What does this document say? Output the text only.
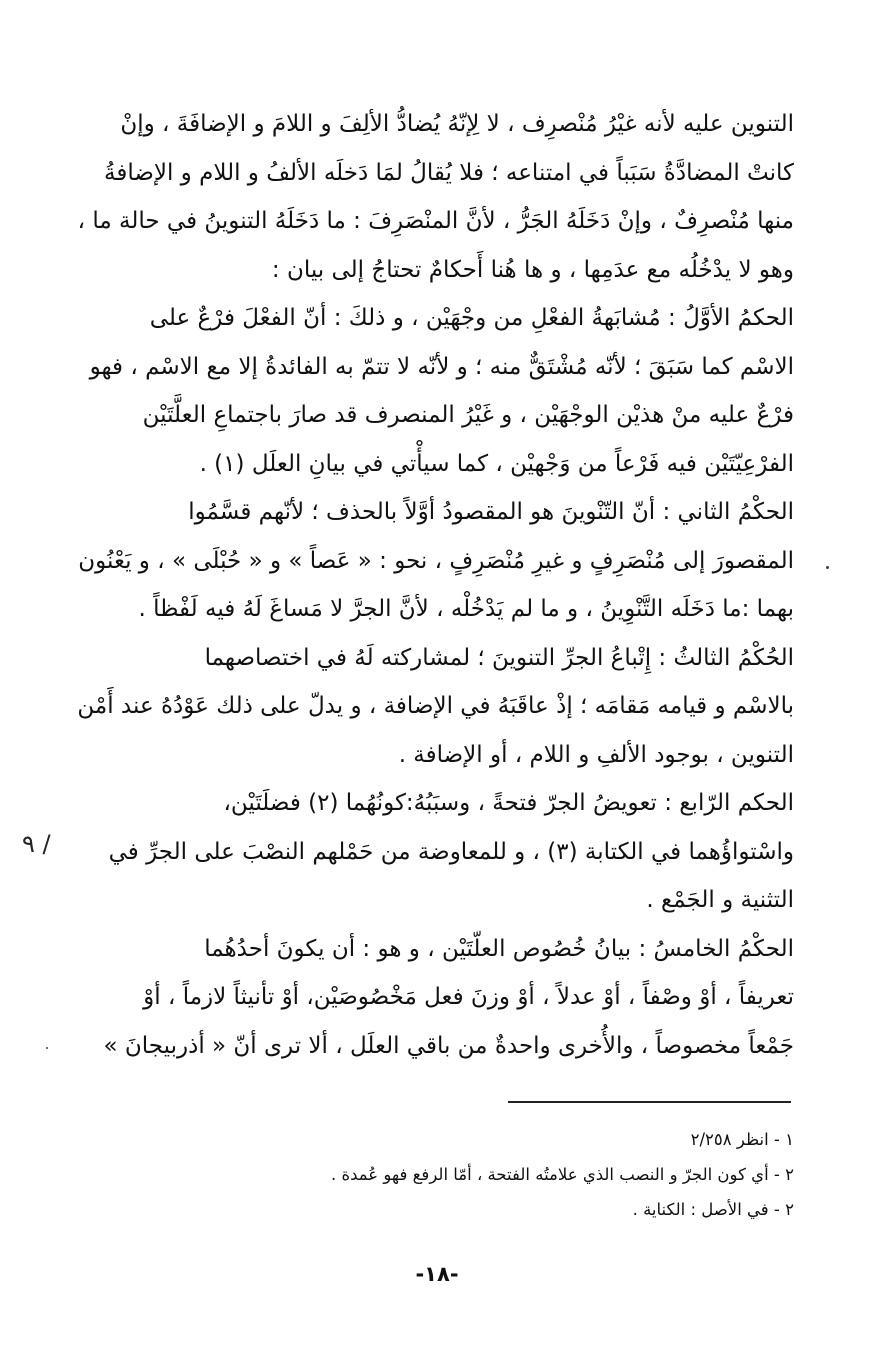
التنوين عليه لأنه غيْرُ مُنْصرِف ، لا لِإنّهُ يُضادُّ الألِفَ و اللامَ و الإضافَةَ ، وإنْ

كانتْ المضادَّةُ سَبَباً في امتناعه ؛ فلا يُقالُ لمَا دَخلَه الألفُ و اللام و الإضافةُ

منها مُنْصرِفٌ ، وإنْ دَخَلَهُ الجَرُّ ، لأنَّ المنْصَرِفَ : ما دَخَلَهُ التنوينُ في حالة ما ،

وهو لا يدْخُلُه مع عدَمِها ، و ها هُنا أَحكامٌ تحتاجُ إلى بيان :

الحكمُ الأوَّلُ : مُشابَهةُ الفعْلِ من وجْهَيْن ، و ذلكَ : أنّ الفعْلَ فرْعٌ على

الاسْم كما سَبَقَ ؛ لأنّه مُشْتَقٌّ منه ؛ و لأنّه لا تتمّ به الفائدةُ إلا مع الاسْم ، فهو

فرْعٌ عليه منْ هذيْن الوجْهَيْن ، و غَيْرُ المنصرف قد صارَ باجتماعِ العلَّتَيْن

الفرْعِيّتَيْن فيه فَرْعاً من وَجْهيْن ، كما سيأْتي في بيانِ العلَل (١) .

الحكْمُ الثاني : أنّ التّنْوينَ هو المقصودُ أوَّلاً بالحذف ؛ لأنّهم قسَّمُوا

المقصورَ إلى مُنْصَرِفٍ و غيرِ مُنْصَرِفٍ ، نحو : « عَصاً » و « حُبْلَى » ، و يَعْنُون

بهما :ما دَخَلَه التَّنْوِينُ ، و ما لم يَدْخُلْه ، لأنَّ الجرَّ لا مَساغَ لَهُ فيه لَفْظاً .

الحُكْمُ الثالثُ : إِتْباعُ الجرِّ التنوينَ ؛ لمشاركته لَهُ في اختصاصهما

بالاسْم و قيامه مَقامَه ؛ إذْ عاقَبَهُ في الإضافة ، و يدلّ على ذلك عَوْدُهُ عند أَمْن

التنوين ، بوجود الألفِ و اللام ، أو الإضافة .

الحكم الرّابع : تعويضُ الجرّ فتحةً ، وسبَبُهُ:كونُهُما (٢) فضلَتَيْن،

واسْتواؤُهما في الكتابة (٣) ، و للمعاوضة من حَمْلهم النصْبَ على الجرِّ في

التثنية و الجَمْع .

الحكْمُ الخامسُ : بيانُ خُصُوص العلّتَيْن ، و هو : أن يكونَ أحدُهُما

تعريفاً ، أوْ وصْفاً ، أوْ عدلاً ، أوْ وزنَ فعل مَخْصُوصَيْن، أوْ تأنيثاً لازماً ، أوْ

جَمْعاً مخصوصاً ، والأُخرى واحدةٌ من باقي العلَل ، ألا ترى أنّ « أذربيجانَ »

٩ /

١ - انظر ٢/٢٥٨

٢ - أي كون الجرّ و النصب الذي علامتُه الفتحة ، أمّا الرفع فهو عُمدة .

٢ - في الأصل : الكناية .

-١٨-
